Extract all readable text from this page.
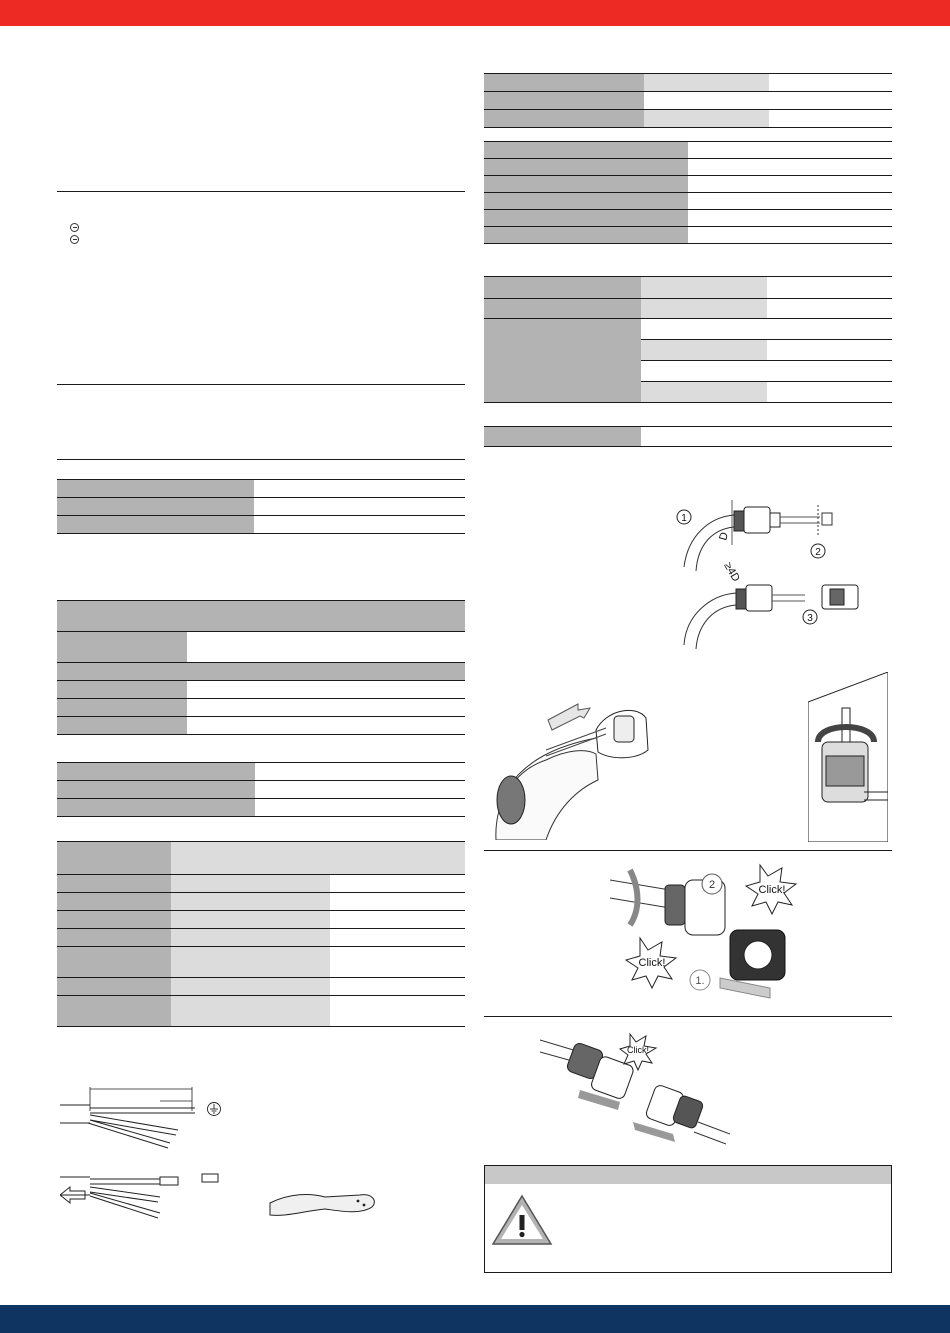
1
2
D
≥4D
3
Click!
Click!
1.
2
Click!
